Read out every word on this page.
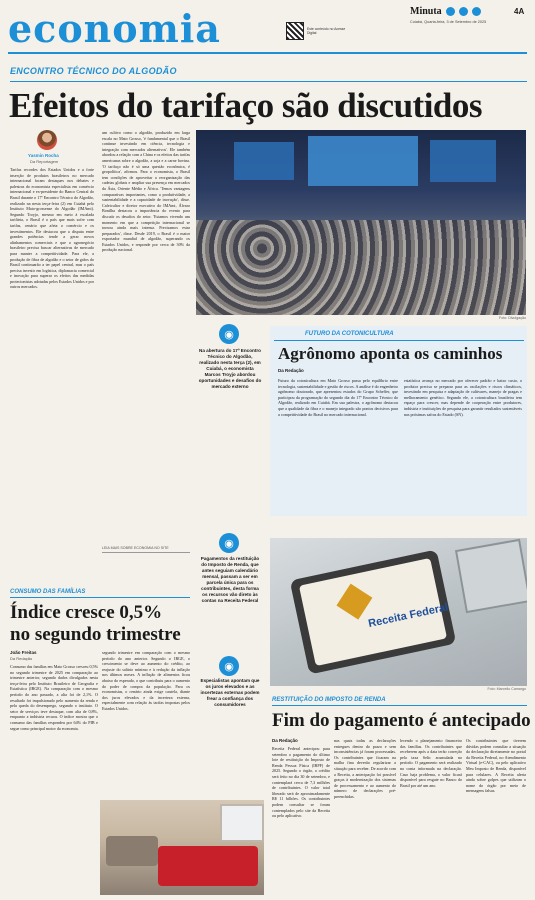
economia	Este conteúdo no Acesse Digital
Minuta	4A
Cuiabá, Quarta-feira, 3 de Setembro de 2025
ENCONTRO TÉCNICO DO ALGODÃO
Efeitos do tarifaço são discutidos
Yasmin Rocha
Da Reportagem
Tarifas recordes dos Estados Unidos e a forte inserção de produtos brasileiros no mercado internacional foram destaques nos debates e palestras do economista especialista em comércio internacional e ex-presidente do Banco Central do Brasil durante o 17º Encontro Técnico do Algodão, realizado na nesta terça-feira (2) em Cuiabá pelo Instituto Mato-grossense do Algodão (IMAmt). Segundo Troyjo, mesmo em meio à escalada tarifária, o Brasil é o país que mais sofre com tarifas, cenário que afeta o comércio e os investimentos. Ele destacou que a disputa entre grandes potências tende a gerar novos alinhamentos comerciais e que o agronegócio brasileiro precisa buscar alternativas de mercado para manter a competitividade. Para ele, a produção de fibra de algodão e o setor de grãos do Brasil continuarão a ter papel central, mas o país precisa investir em logística, diplomacia comercial e inovação para superar os efeitos das medidas protecionistas adotadas pelos Estados Unidos e por outros mercados.
um cultivo como o algodão, produzido em larga escala no Mato Grosso, 'é fundamental que o Brasil continue investindo em ciência, tecnologia e integração com mercados alternativos'. Ele também abordou a relação com a China e os efeitos das tarifas americanas sobre o algodão, a soja e a carne bovina. 'O tarifaço não é só uma questão econômica, é geopolítica', afirmou. Para o economista, o Brasil tem condições de aproveitar a reorganização das cadeias globais e ampliar sua presença em mercados da Ásia, Oriente Médio e África. 'Temos vantagens comparativas importantes, como a produtividade, a sustentabilidade e a capacidade de inovação', disse. Cafeicultor e diretor executivo do IMAmt, Álvaro Bonilha destacou a importância do evento para discutir os desafios do setor. 'Estamos vivendo um momento em que a competição internacional se tornou ainda mais intensa. Precisamos estar preparados', disse. Desde 2019, o Brasil é o maior exportador mundial de algodão, superando os Estados Unidos, e responde por cerca de 30% da produção nacional.
LEIA MAIS SOBRE ECONOMIA NO SITE
Foto: Divulgação
◉
Na abertura do 17º Encontro Técnico do Algodão, realizado nesta terça (2), em Cuiabá, o economista Marcos Troyjo abordou oportunidades e desafios do mercado externo
FUTURO DA COTONICULTURA
Agrônomo aponta os caminhos
Da Redação
Futuro da cotonicultura em Mato Grosso passa pelo equilíbrio entre tecnologia, sustentabilidade e gestão de riscos. A análise é do engenheiro agrônomo doutorado, que apresentou estudos do Grupo Scheffer, que participou da programação do segundo dia do 17º Encontro Técnico do Algodão, realizado em Cuiabá. Em sua palestra, o agrônomo destacou que a qualidade da fibra e o manejo integrado são pontos decisivos para a competitividade do Brasil no mercado internacional.
estatística avança no mercado por oferecer padrão e baixo custo, o produtor precisa se preparar para as oscilações e riscos climáticos, investindo em pesquisa e adaptação de cultivares, manejo de pragas e melhoramento genético. Segundo ele, a cotonicultura brasileira tem espaço para crescer, mas depende de cooperação entre produtores, indústria e instituições de pesquisa para garantir resultados sustentáveis nas próximas safras do Estado (SN).
◉
Pagamentos da restituição do Imposto de Renda, que antes seguiam calendário mensal, passam a ser em parcela única para os contribuintes, desta forma os recursos vão direto às contas na Receita Federal
Receita Federal
Foto: Marcello Camargo
CONSUMO DAS FAMÍLIAS
Índice cresce 0,5%
no segundo trimestre
João Freitas
Da Redação
Consumo das famílias em Mato Grosso cresceu 0,5% no segundo trimestre de 2025 em comparação ao trimestre anterior, segundo dados divulgados nesta terça-feira pelo Instituto Brasileiro de Geografia e Estatística (IBGE). Na comparação com o mesmo período do ano passado, a alta foi de 2,1%. O resultado foi impulsionado pelo aumento da renda e pela queda do desemprego, segundo o instituto. O setor de serviços teve destaque, com alta de 0,8%, enquanto a indústria recuou. O índice mostra que o consumo das famílias respondeu por 64% do PIB e segue como principal motor da economia.
segundo trimestre em comparação com o mesmo período do ano anterior. Segundo o IBGE, o crescimento se deve ao aumento do crédito, ao reajuste do salário mínimo e à redução da inflação nos últimos meses. A inflação de alimentos ficou abaixo do esperado, o que contribuiu para o aumento do poder de compra da população. Para os economistas, o cenário ainda exige cautela, diante dos juros elevados e da incerteza externa, especialmente com relação às tarifas impostas pelos Estados Unidos.
◉
Especialistas apontam que os juros elevados e as incertezas externas podem frear a confiança dos consumidores
RESTITUIÇÃO DO IMPOSTO DE RENDA
Fim do pagamento é antecipado
Da Redação
Receita Federal antecipou para setembro o pagamento do último lote de restituição do Imposto de Renda Pessoa Física (IRPF) de 2025. Segundo o órgão, o crédito será feito no dia 30 de setembro, e contemplará cerca de 7,3 milhões de contribuintes. O valor total liberado será de aproximadamente R$ 11 bilhões. Os contribuintes podem consultar se foram contemplados pelo site da Receita ou pelo aplicativo.
nas quais todas as declarações entregues dentro do prazo e sem inconsistências já foram processadas. Os contribuintes que ficaram na malha fina deverão regularizar a situação para receber. De acordo com a Receita, a antecipação foi possível graças à modernização dos sistemas de processamento e ao aumento do número de declarações pré-preenchidas.
lecendo o planejamento financeiro das famílias. Os contribuintes que receberem após a data terão correção pela taxa Selic acumulada no período. O pagamento será realizado na conta informada na declaração. Caso haja problema, o valor ficará disponível para resgate no Banco do Brasil por até um ano.
Os contribuintes que tiverem dúvidas podem consultar a situação da declaração diretamente no portal da Receita Federal, no Atendimento Virtual (e-CAC), ou pelo aplicativo Meu Imposto de Renda, disponível para celulares. A Receita alerta ainda sobre golpes que utilizam o nome do órgão por meio de mensagens falsas.
